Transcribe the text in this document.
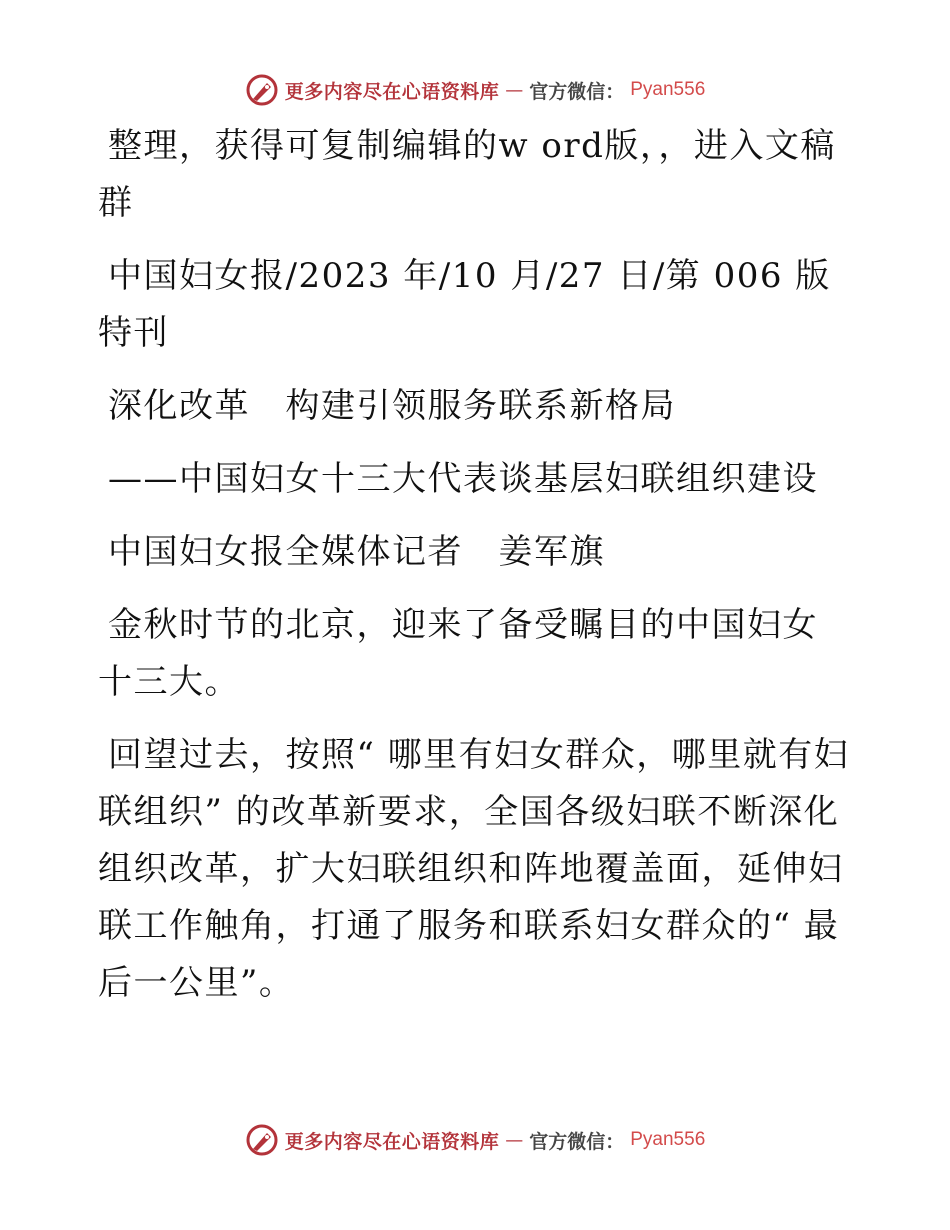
更多内容尽在心语资料库 — 官方微信： Pyan556

整理，获得可复制编辑的w ord版，，进入文稿群

中国妇女报/2023 年/10 月/27 日/第 006 版特刊

深化改革　构建引领服务联系新格局

——中国妇女十三大代表谈基层妇联组织建设

中国妇女报全媒体记者　姜军旗

金秋时节的北京，迎来了备受瞩目的中国妇女十三大。

回望过去，按照“ 哪里有妇女群众，哪里就有妇联组织” 的改革新要求，全国各级妇联不断深化组织改革，扩大妇联组织和阵地覆盖面，延伸妇联工作触角，打通了服务和联系妇女群众的“ 最后一公里”。

更多内容尽在心语资料库 — 官方微信： Pyan556
